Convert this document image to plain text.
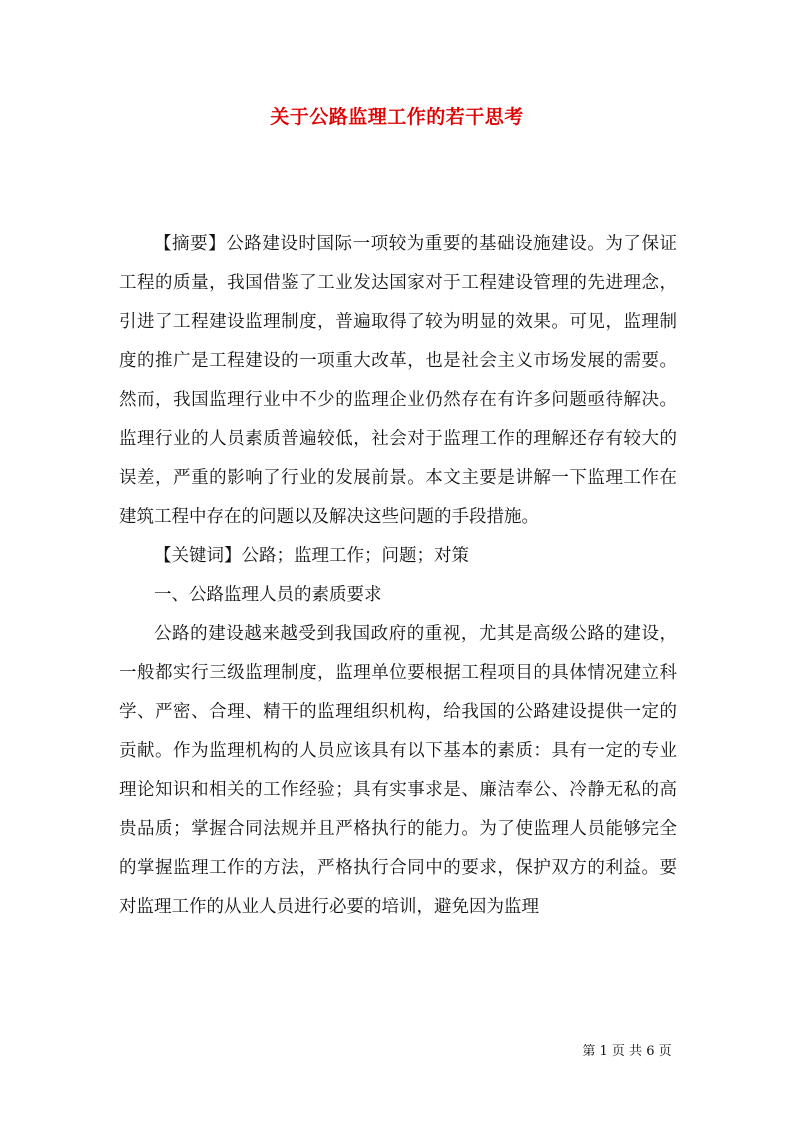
关于公路监理工作的若干思考

【摘要】公路建设时国际一项较为重要的基础设施建设。为了保证工程的质量，我国借鉴了工业发达国家对于工程建设管理的先进理念，引进了工程建设监理制度，普遍取得了较为明显的效果。可见，监理制度的推广是工程建设的一项重大改革，也是社会主义市场发展的需要。然而，我国监理行业中不少的监理企业仍然存在有许多问题亟待解决。监理行业的人员素质普遍较低，社会对于监理工作的理解还存有较大的误差，严重的影响了行业的发展前景。本文主要是讲解一下监理工作在建筑工程中存在的问题以及解决这些问题的手段措施。

【关键词】公路；监理工作；问题；对策

一、公路监理人员的素质要求

公路的建设越来越受到我国政府的重视，尤其是高级公路的建设，一般都实行三级监理制度，监理单位要根据工程项目的具体情况建立科学、严密、合理、精干的监理组织机构，给我国的公路建设提供一定的贡献。作为监理机构的人员应该具有以下基本的素质：具有一定的专业理论知识和相关的工作经验；具有实事求是、廉洁奉公、冷静无私的高贵品质；掌握合同法规并且严格执行的能力。为了使监理人员能够完全的掌握监理工作的方法，严格执行合同中的要求，保护双方的利益。要对监理工作的从业人员进行必要的培训，避免因为监理

第 1 页 共 6 页
